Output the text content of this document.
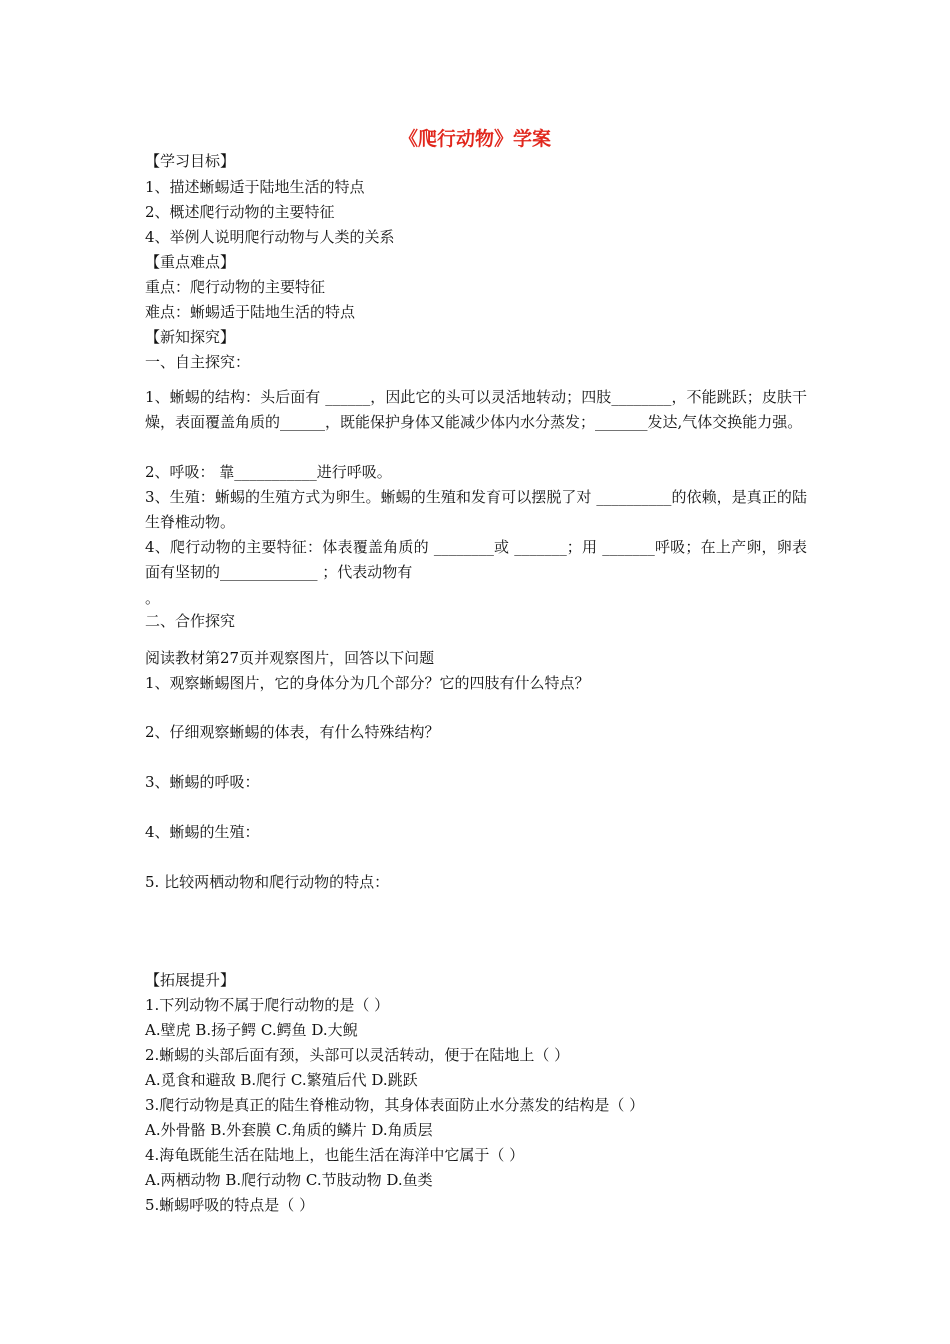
《爬行动物》学案
【学习目标】
1、描述蜥蜴适于陆地生活的特点
2、概述爬行动物的主要特征
4、举例人说明爬行动物与人类的关系
【重点难点】
重点：爬行动物的主要特征
难点：蜥蜴适于陆地生活的特点
【新知探究】
一、自主探究：
1、蜥蜴的结构：头后面有 ______，因此它的头可以灵活地转动；四肢________，不能跳跃；皮肤干燥，表面覆盖角质的______，既能保护身体又能减少体内水分蒸发；_______发达,气体交换能力强。
2、呼吸： 靠___________进行呼吸。
3、生殖：蜥蜴的生殖方式为卵生。蜥蜴的生殖和发育可以摆脱了对 __________的依赖，是真正的陆生脊椎动物。
4、爬行动物的主要特征：体表覆盖角质的 ________或 _______；用 _______呼吸；在上产卵，卵表面有坚韧的_____________ ；代表动物有
。
二、合作探究
阅读教材第27页并观察图片，回答以下问题
1、观察蜥蜴图片，它的身体分为几个部分？它的四肢有什么特点？
2、仔细观察蜥蜴的体表，有什么特殊结构？
3、蜥蜴的呼吸：
4、蜥蜴的生殖：
5. 比较两栖动物和爬行动物的特点：
【拓展提升】
1.下列动物不属于爬行动物的是（ ）
A.壁虎 B.扬子鳄 C.鳄鱼 D.大鲵
2.蜥蜴的头部后面有颈，头部可以灵活转动，便于在陆地上（ ）
A.觅食和避敌 B.爬行 C.繁殖后代 D.跳跃
3.爬行动物是真正的陆生脊椎动物，其身体表面防止水分蒸发的结构是（ ）
A.外骨骼 B.外套膜 C.角质的鳞片 D.角质层
4.海龟既能生活在陆地上，也能生活在海洋中它属于（ ）
A.两栖动物 B.爬行动物 C.节肢动物 D.鱼类
5.蜥蜴呼吸的特点是（ ）
